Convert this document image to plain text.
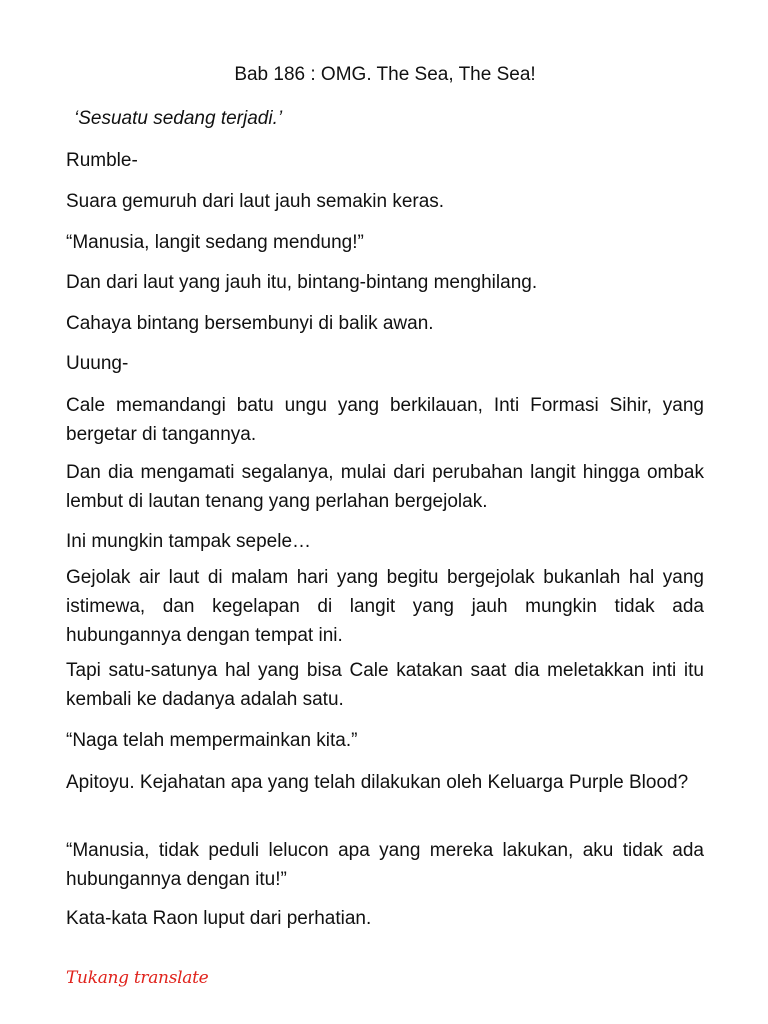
Bab 186 : OMG. The Sea, The Sea!

‘Sesuatu sedang terjadi.’

Rumble-

Suara gemuruh dari laut jauh semakin keras.

“Manusia, langit sedang mendung!”

Dan dari laut yang jauh itu, bintang-bintang menghilang.

Cahaya bintang bersembunyi di balik awan.

Uuung-

Cale memandangi batu ungu yang berkilauan, Inti Formasi Sihir, yang bergetar di tangannya.

Dan dia mengamati segalanya, mulai dari perubahan langit hingga ombak lembut di lautan tenang yang perlahan bergejolak.

Ini mungkin tampak sepele…

Gejolak air laut di malam hari yang begitu bergejolak bukanlah hal yang istimewa, dan kegelapan di langit yang jauh mungkin tidak ada hubungannya dengan tempat ini.

Tapi satu-satunya hal yang bisa Cale katakan saat dia meletakkan inti itu kembali ke dadanya adalah satu.

“Naga telah mempermainkan kita.”

Apitoyu. Kejahatan apa yang telah dilakukan oleh Keluarga Purple Blood?

“Manusia, tidak peduli lelucon apa yang mereka lakukan, aku tidak ada hubungannya dengan itu!”

Kata-kata Raon luput dari perhatian.

Tukang translate
